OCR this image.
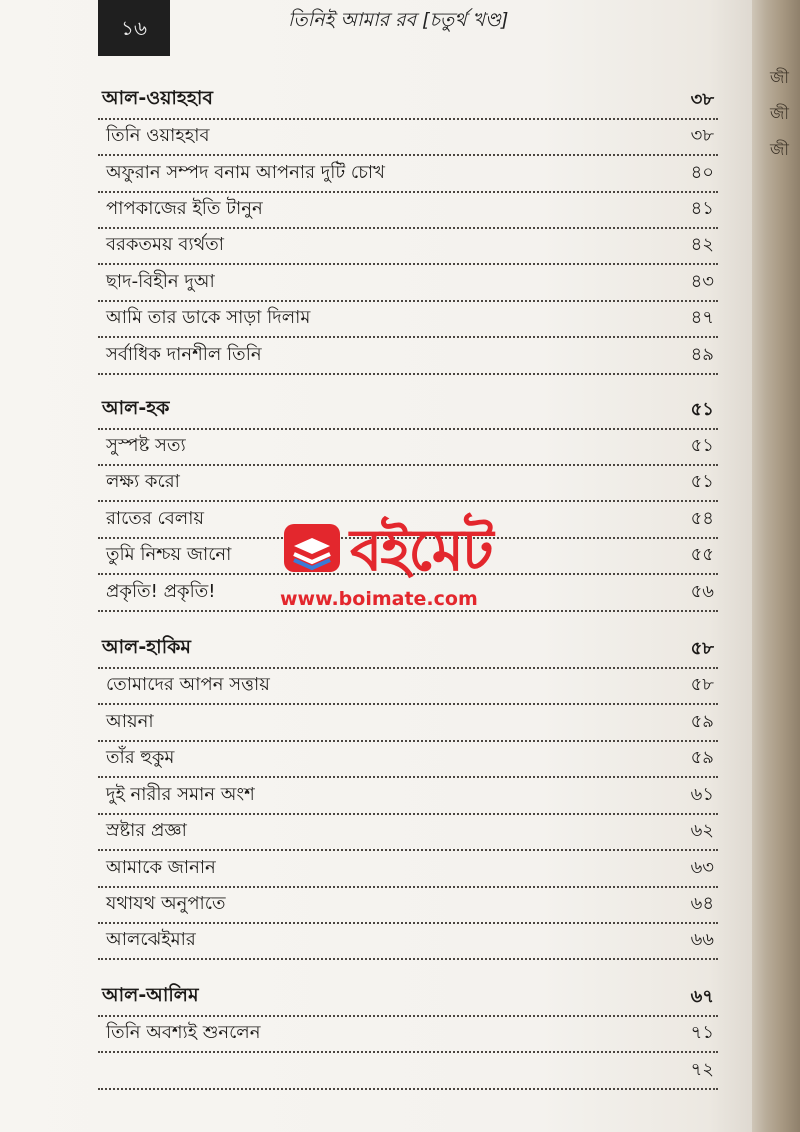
জী
জী
জী
১৬	তিনিই আমার রব [চতুর্থ খণ্ড]
আল-ওয়াহহাব	৩৮
তিনি ওয়াহহাব	৩৮
অফুরান সম্পদ বনাম আপনার দুটি চোখ	৪০
পাপকাজের ইতি টানুন	৪১
বরকতময় ব্যর্থতা	৪২
ছাদ-বিহীন দুআ	৪৩
আমি তার ডাকে সাড়া দিলাম	৪৭
সর্বাধিক দানশীল তিনি	৪৯
আল-হক	৫১
সুস্পষ্ট সত্য	৫১
লক্ষ্য করো	৫১
রাতের বেলায়	৫৪
তুমি নিশ্চয় জানো	৫৫
প্রকৃতি! প্রকৃতি!	৫৬
আল-হাকিম	৫৮
তোমাদের আপন সত্তায়	৫৮
আয়না	৫৯
তাঁর হুকুম	৫৯
দুই নারীর সমান অংশ	৬১
স্রষ্টার প্রজ্ঞা	৬২
আমাকে জানান	৬৩
যথাযথ অনুপাতে	৬৪
আলঝেইমার	৬৬
আল-আলিম	৬৭
তিনি অবশ্যই শুনলেন	৭১
৭২
বইমেট
www.boimate.com
